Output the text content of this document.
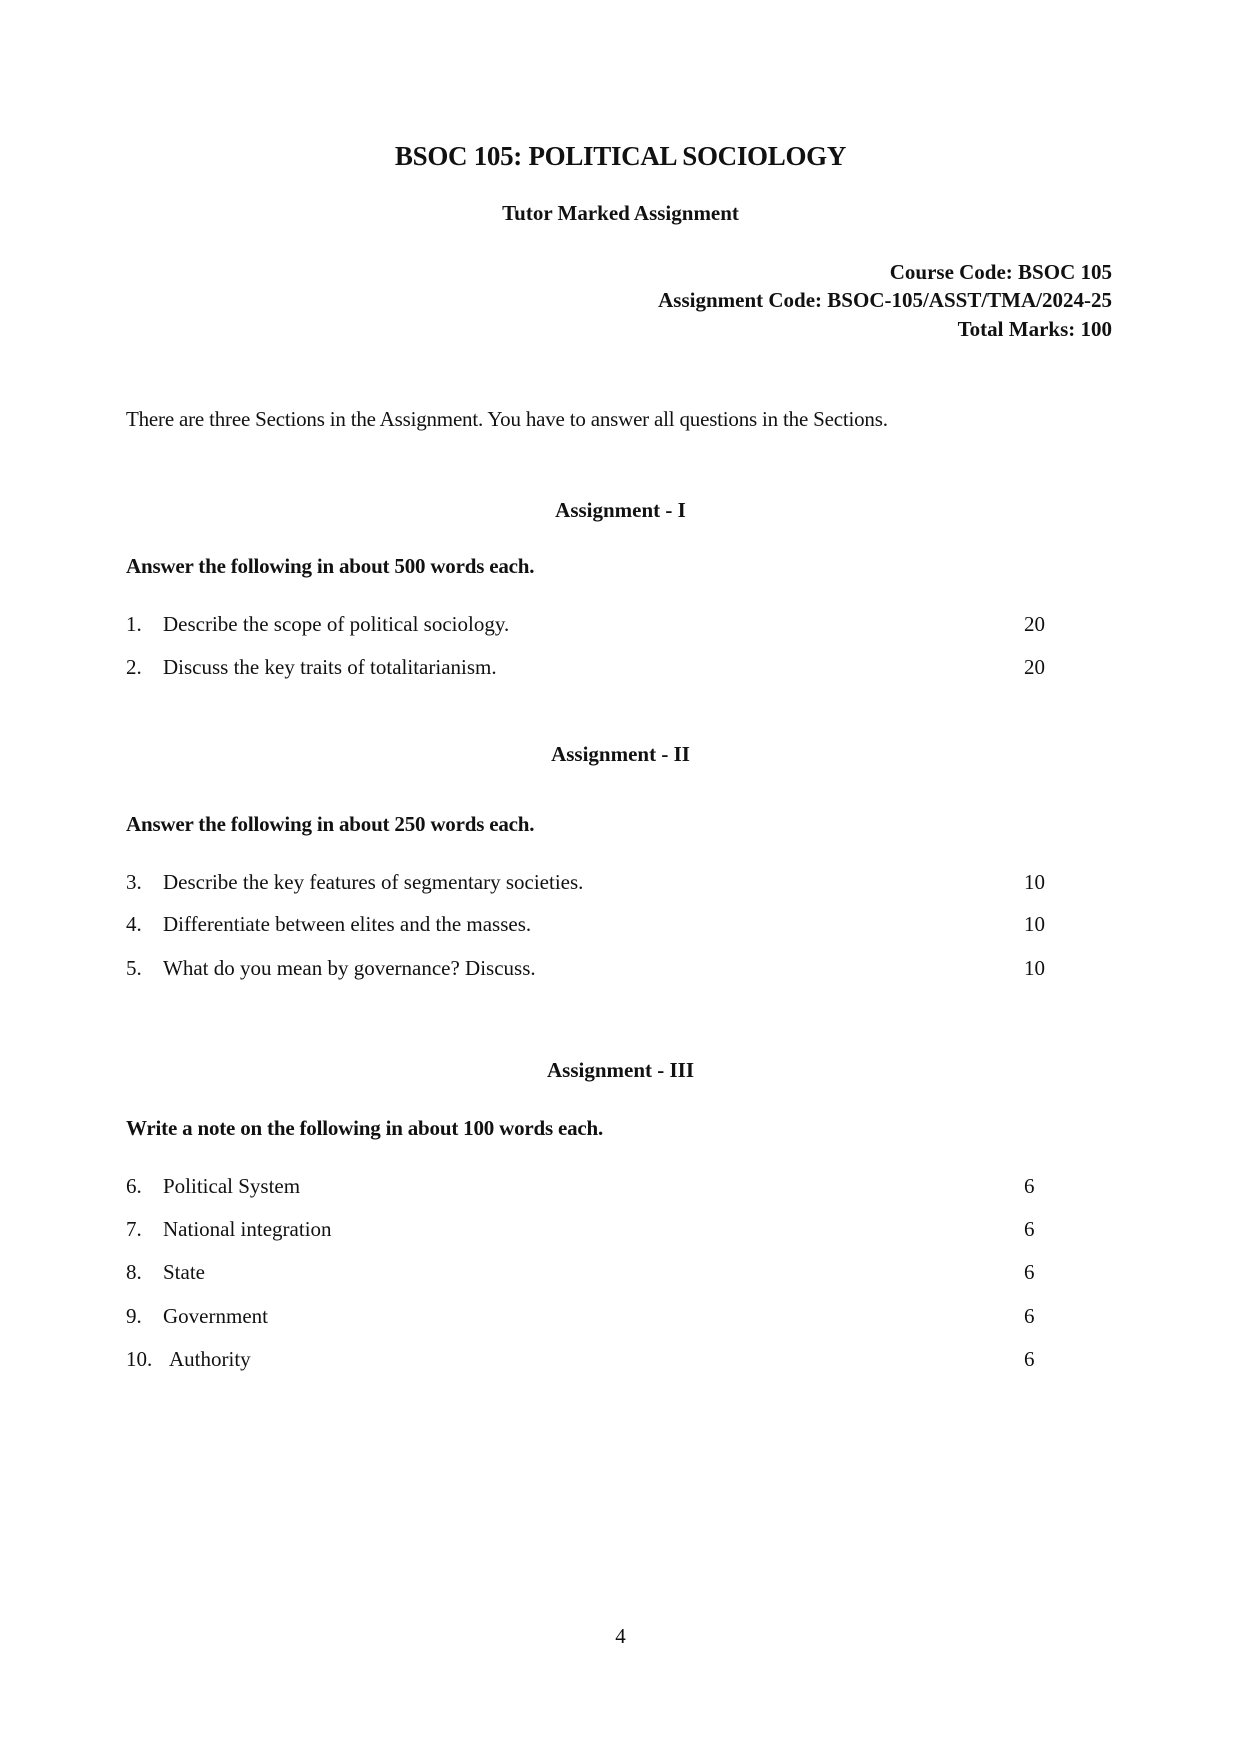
BSOC 105: POLITICAL SOCIOLOGY
Tutor Marked Assignment
Course Code: BSOC 105
Assignment Code: BSOC-105/ASST/TMA/2024-25
Total Marks: 100
There are three Sections in the Assignment. You have to answer all questions in the Sections.
Assignment - I
Answer the following in about 500 words each.
1. Describe the scope of political sociology.	20
2. Discuss the key traits of totalitarianism.	20
Assignment - II
Answer the following in about 250 words each.
3. Describe the key features of segmentary societies.	10
4. Differentiate between elites and the masses.	10
5. What do you mean by governance? Discuss.	10
Assignment - III
Write a note on the following in about 100 words each.
6. Political System	6
7. National integration	6
8. State	6
9. Government	6
10. Authority	6
4
